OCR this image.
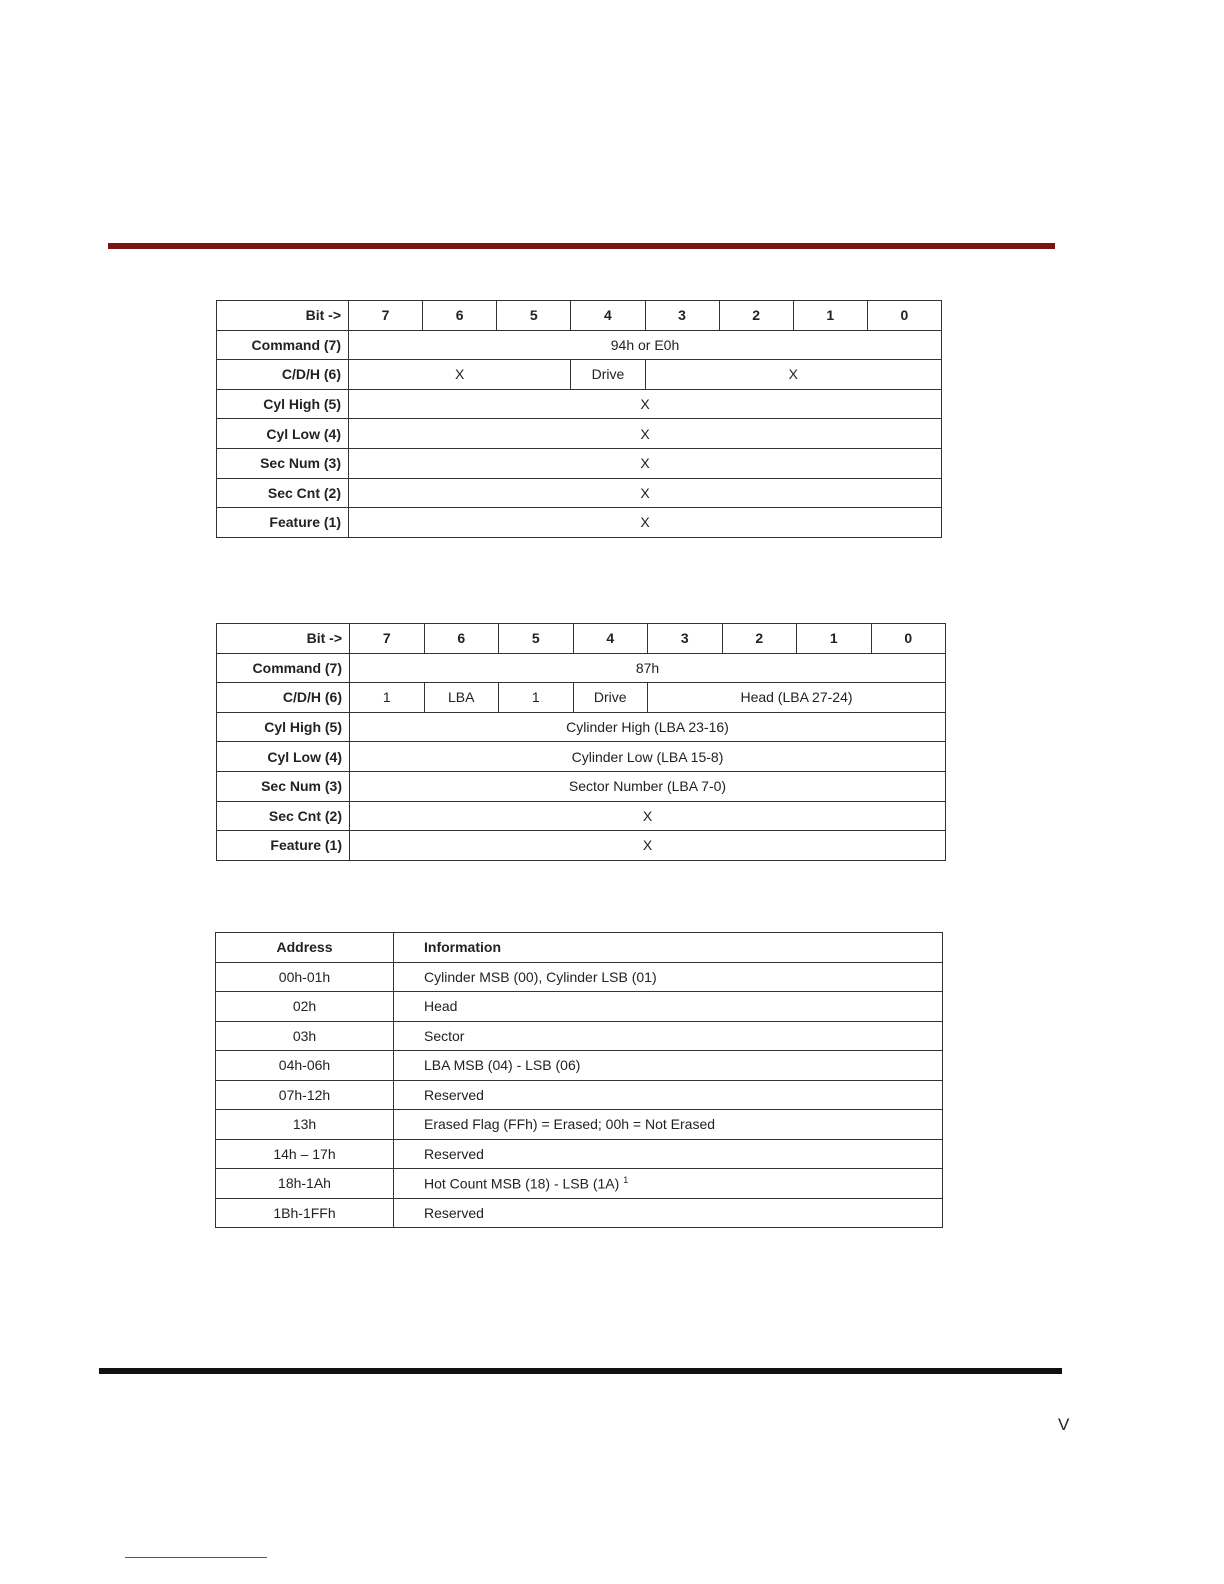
Bit ->	7	6	5	4	3	2	1	0
Command (7)	94h or E0h							
C/D/H (6)	X			Drive	X			
Cyl High (5)	X							
Cyl Low (4)	X							
Sec Num (3)	X							
Sec Cnt (2)	X							
Feature (1)	X							
Bit ->	7	6	5	4	3	2	1	0
Command (7)	87h							
C/D/H (6)	1	LBA	1	Drive	Head (LBA 27-24)			
Cyl High (5)	Cylinder High (LBA 23-16)							
Cyl Low (4)	Cylinder Low (LBA 15-8)							
Sec Num (3)	Sector Number (LBA 7-0)							
Sec Cnt (2)	X							
Feature (1)	X							
Address	Information
00h-01h	Cylinder MSB (00), Cylinder LSB (01)
02h	Head
03h	Sector
04h-06h	LBA MSB (04) - LSB (06)
07h-12h	Reserved
13h	Erased Flag (FFh) = Erased; 00h = Not Erased
14h – 17h	Reserved
18h-1Ah	Hot Count MSB (18) - LSB (1A) $^1$
1Bh-1FFh	Reserved
V
